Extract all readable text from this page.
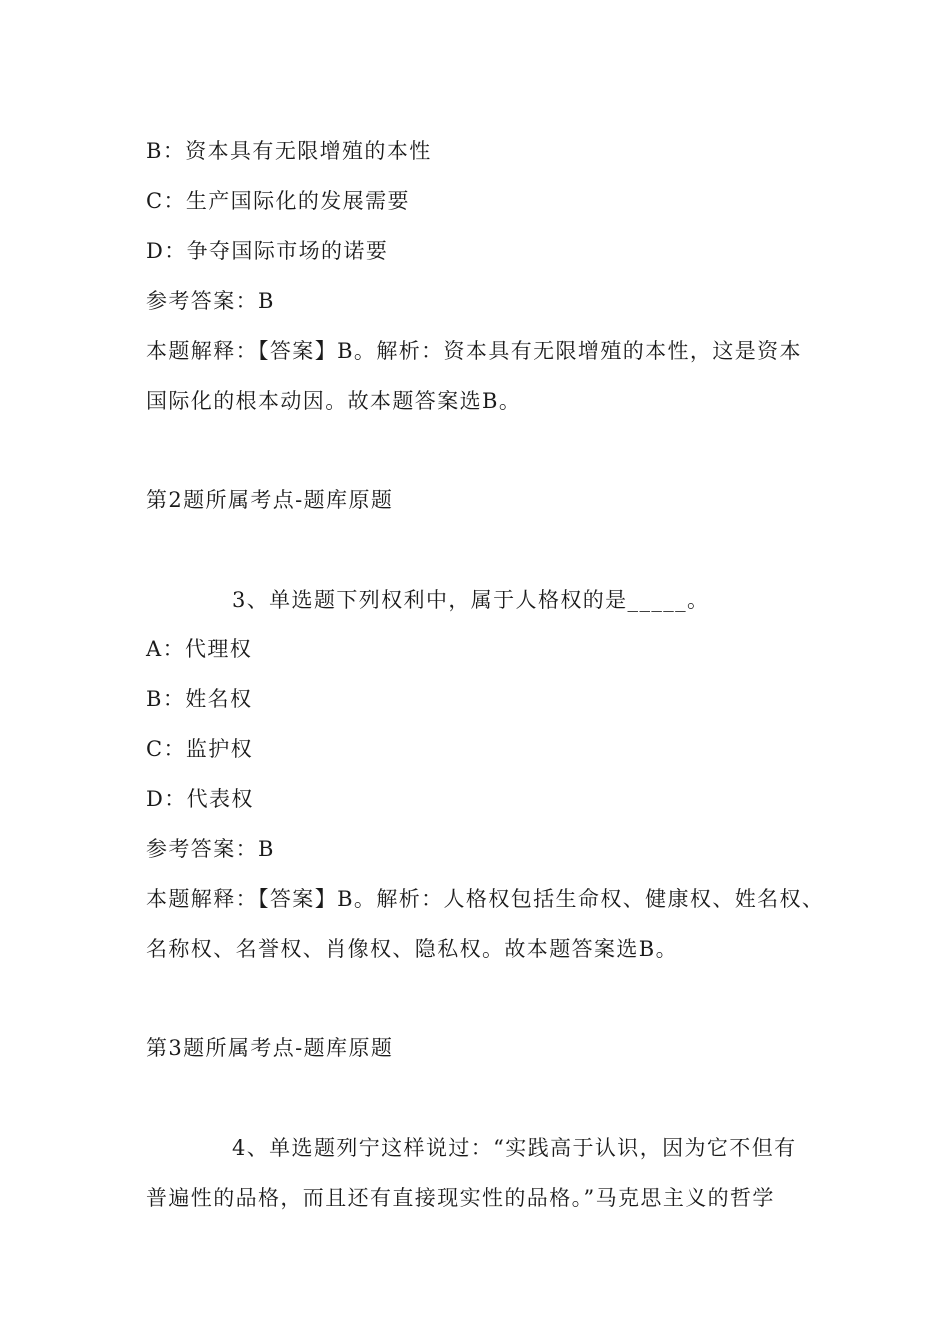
B：资本具有无限增殖的本性
C：生产国际化的发展需要
D：争夺国际市场的诺要
参考答案：B
本题解释：【答案】B。解析：资本具有无限增殖的本性，这是资本
国际化的根本动因。故本题答案选B。
第2题所属考点-题库原题
3、单选题下列权利中，属于人格权的是_____。
A：代理权
B：姓名权
C：监护权
D：代表权
参考答案：B
本题解释：【答案】B。解析：人格权包括生命权、健康权、姓名权、
名称权、名誉权、肖像权、隐私权。故本题答案选B。
第3题所属考点-题库原题
4、单选题列宁这样说过：“实践高于认识，因为它不但有
普遍性的品格，而且还有直接现实性的品格。”马克思主义的哲学
